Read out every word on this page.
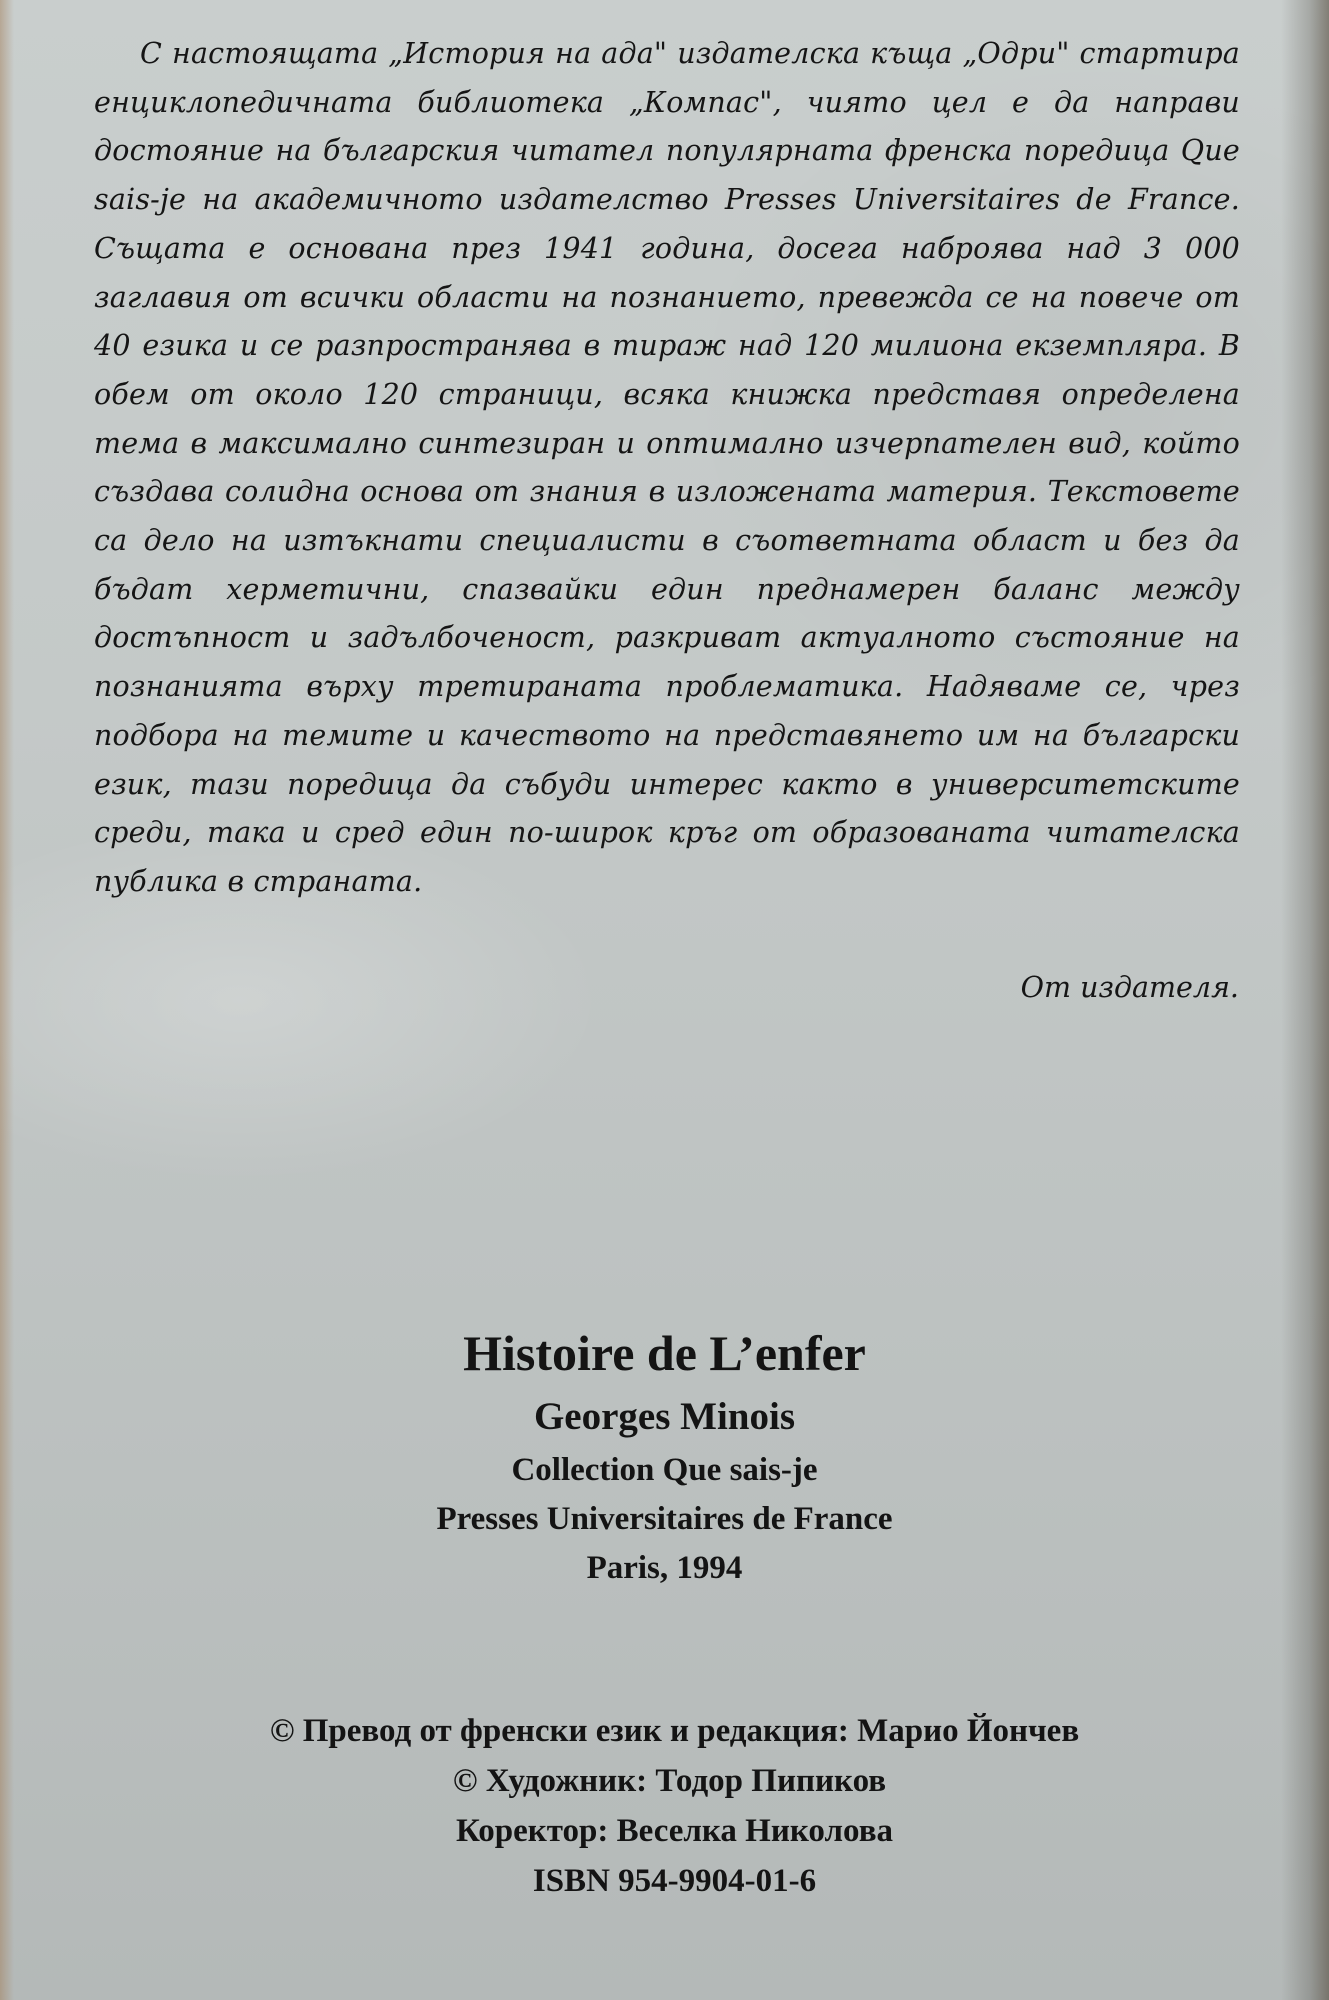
С настоящата „История на ада" издателска къща „Одри" стартира енциклопедичната библиотека „Компас", чиято цел е да направи достояние на българския читател популярната френска поредица Que sais-je на академичното издателство Presses Universitaires de France. Същата е основана през 1941 година, досега наброява над 3 000 заглавия от всички области на познанието, превежда се на повече от 40 езика и се разпространява в тираж над 120 милиона екземпляра. В обем от около 120 страници, всяка книжка представя определена тема в максимално синтезиран и оптимално изчерпателен вид, който създава солидна основа от знания в изложената материя. Текстовете са дело на изтъкнати специалисти в съответната област и без да бъдат херметични, спазвайки един преднамерен баланс между достъпност и задълбоченост, разкриват актуалното състояние на познанията върху третираната проблематика. Надяваме се, чрез подбора на темите и качеството на представянето им на български език, тази поредица да събуди интерес както в университетските среди, така и сред един по-широк кръг от образованата читателска публика в страната.

От издателя.

Histoire de L’enfer

Georges Minois

Collection Que sais-je

Presses Universitaires de France

Paris, 1994

© Превод от френски език и редакция: Марио Йончев

© Художник: Тодор Пипиков

Коректор: Веселка Николова

ISBN 954-9904-01-6
